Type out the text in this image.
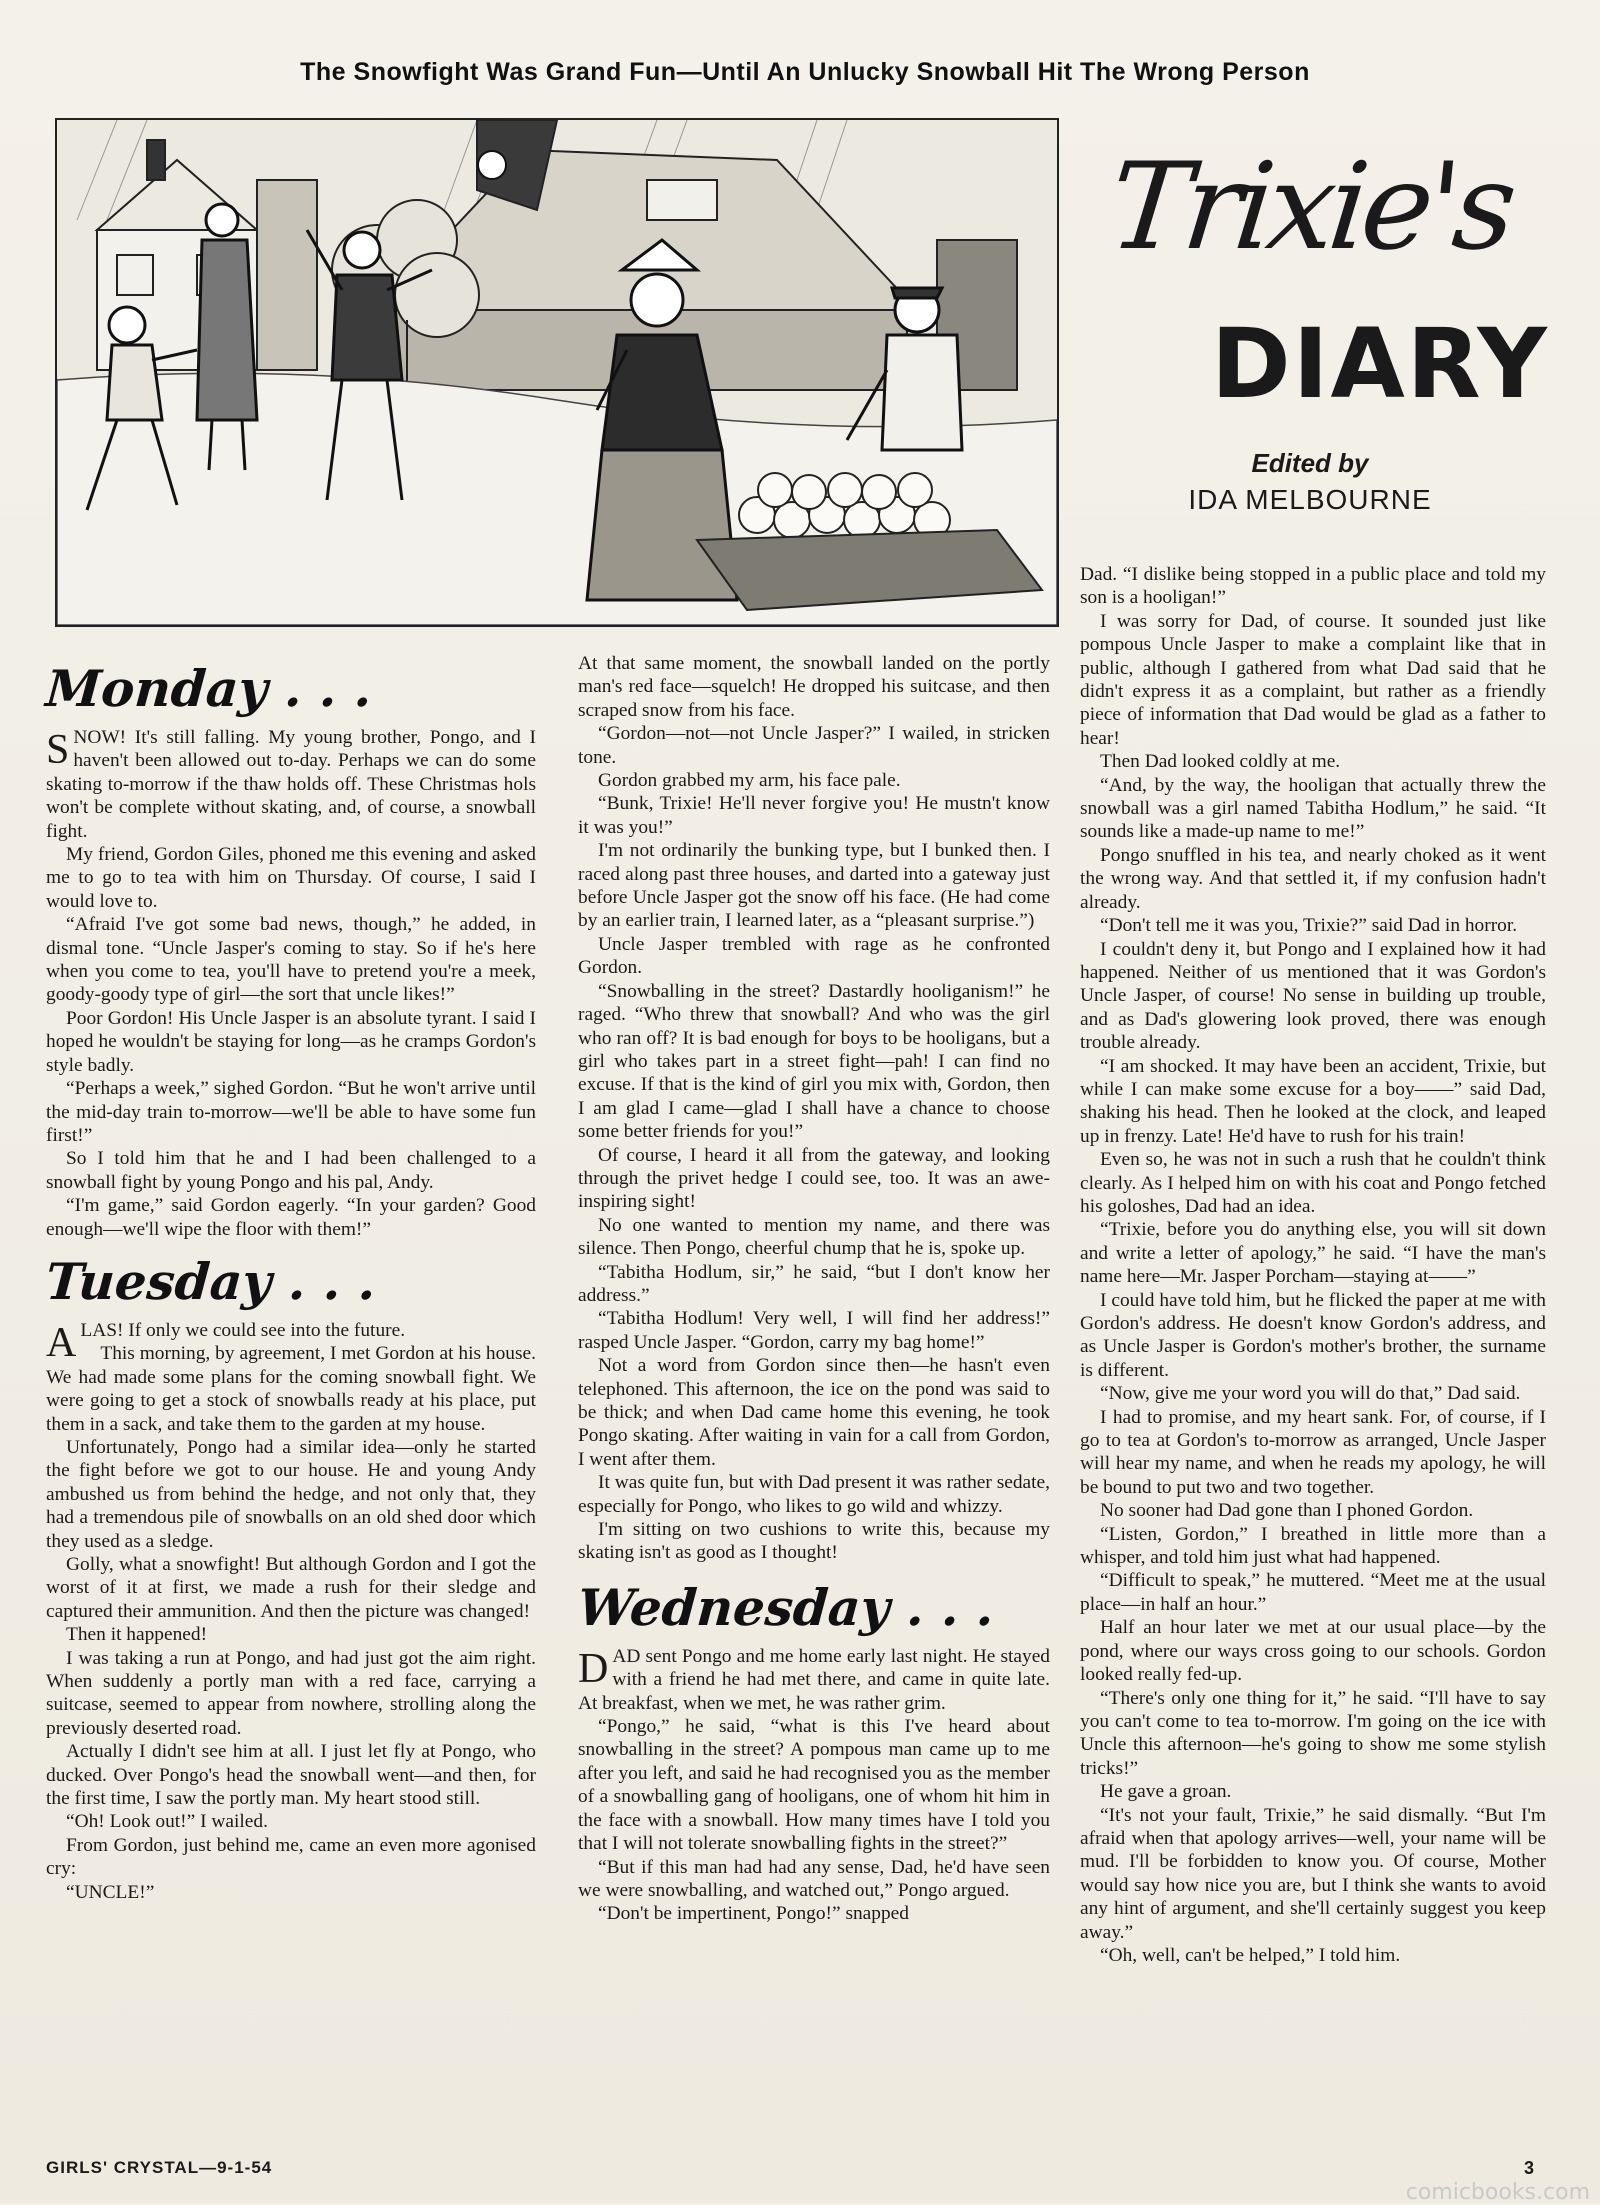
The Snowfight Was Grand Fun—Until An Unlucky Snowball Hit The Wrong Person
Trixie's
DIARY
Edited by
IDA MELBOURNE
Monday . . .

SNOW! It's still falling. My young brother, Pongo, and I haven't been allowed out to-day. Perhaps we can do some skating to-morrow if the thaw holds off. These Christmas hols won't be complete without skating, and, of course, a snowball fight.

My friend, Gordon Giles, phoned me this evening and asked me to go to tea with him on Thursday. Of course, I said I would love to.

“Afraid I've got some bad news, though,” he added, in dismal tone. “Uncle Jasper's coming to stay. So if he's here when you come to tea, you'll have to pretend you're a meek, goody-goody type of girl—the sort that uncle likes!”

Poor Gordon! His Uncle Jasper is an absolute tyrant. I said I hoped he wouldn't be staying for long—as he cramps Gordon's style badly.

“Perhaps a week,” sighed Gordon. “But he won't arrive until the mid-day train to-morrow—we'll be able to have some fun first!”

So I told him that he and I had been challenged to a snowball fight by young Pongo and his pal, Andy.

“I'm game,” said Gordon eagerly. “In your garden? Good enough—we'll wipe the floor with them!”

Tuesday . . .

ALAS! If only we could see into the future.

This morning, by agreement, I met Gordon at his house. We had made some plans for the coming snowball fight. We were going to get a stock of snowballs ready at his place, put them in a sack, and take them to the garden at my house.

Unfortunately, Pongo had a similar idea—only he started the fight before we got to our house. He and young Andy ambushed us from behind the hedge, and not only that, they had a tremendous pile of snowballs on an old shed door which they used as a sledge.

Golly, what a snowfight! But although Gordon and I got the worst of it at first, we made a rush for their sledge and captured their ammunition. And then the picture was changed!

Then it happened!

I was taking a run at Pongo, and had just got the aim right. When suddenly a portly man with a red face, carrying a suitcase, seemed to appear from nowhere, strolling along the previously deserted road.

Actually I didn't see him at all. I just let fly at Pongo, who ducked. Over Pongo's head the snowball went—and then, for the first time, I saw the portly man. My heart stood still.

“Oh! Look out!” I wailed.

From Gordon, just behind me, came an even more agonised cry:

“UNCLE!”

At that same moment, the snowball landed on the portly man's red face—squelch! He dropped his suitcase, and then scraped snow from his face.

“Gordon—not—not Uncle Jasper?” I wailed, in stricken tone.

Gordon grabbed my arm, his face pale.

“Bunk, Trixie! He'll never forgive you! He mustn't know it was you!”

I'm not ordinarily the bunking type, but I bunked then. I raced along past three houses, and darted into a gateway just before Uncle Jasper got the snow off his face. (He had come by an earlier train, I learned later, as a “pleasant surprise.”)

Uncle Jasper trembled with rage as he confronted Gordon.

“Snowballing in the street? Dastardly hooliganism!” he raged. “Who threw that snowball? And who was the girl who ran off? It is bad enough for boys to be hooligans, but a girl who takes part in a street fight—pah! I can find no excuse. If that is the kind of girl you mix with, Gordon, then I am glad I came—glad I shall have a chance to choose some better friends for you!”

Of course, I heard it all from the gateway, and looking through the privet hedge I could see, too. It was an awe-inspiring sight!

No one wanted to mention my name, and there was silence. Then Pongo, cheerful chump that he is, spoke up.

“Tabitha Hodlum, sir,” he said, “but I don't know her address.”

“Tabitha Hodlum! Very well, I will find her address!” rasped Uncle Jasper. “Gordon, carry my bag home!”

Not a word from Gordon since then—he hasn't even telephoned. This afternoon, the ice on the pond was said to be thick; and when Dad came home this evening, he took Pongo skating. After waiting in vain for a call from Gordon, I went after them.

It was quite fun, but with Dad present it was rather sedate, especially for Pongo, who likes to go wild and whizzy.

I'm sitting on two cushions to write this, because my skating isn't as good as I thought!

Wednesday . . .

DAD sent Pongo and me home early last night. He stayed with a friend he had met there, and came in quite late. At breakfast, when we met, he was rather grim.

“Pongo,” he said, “what is this I've heard about snowballing in the street? A pompous man came up to me after you left, and said he had recognised you as the member of a snowballing gang of hooligans, one of whom hit him in the face with a snowball. How many times have I told you that I will not tolerate snowballing fights in the street?”

“But if this man had had any sense, Dad, he'd have seen we were snowballing, and watched out,” Pongo argued.

“Don't be impertinent, Pongo!” snapped

Dad. “I dislike being stopped in a public place and told my son is a hooligan!”

I was sorry for Dad, of course. It sounded just like pompous Uncle Jasper to make a complaint like that in public, although I gathered from what Dad said that he didn't express it as a complaint, but rather as a friendly piece of information that Dad would be glad as a father to hear!

Then Dad looked coldly at me.

“And, by the way, the hooligan that actually threw the snowball was a girl named Tabitha Hodlum,” he said. “It sounds like a made-up name to me!”

Pongo snuffled in his tea, and nearly choked as it went the wrong way. And that settled it, if my confusion hadn't already.

“Don't tell me it was you, Trixie?” said Dad in horror.

I couldn't deny it, but Pongo and I explained how it had happened. Neither of us mentioned that it was Gordon's Uncle Jasper, of course! No sense in building up trouble, and as Dad's glowering look proved, there was enough trouble already.

“I am shocked. It may have been an accident, Trixie, but while I can make some excuse for a boy——” said Dad, shaking his head. Then he looked at the clock, and leaped up in frenzy. Late! He'd have to rush for his train!

Even so, he was not in such a rush that he couldn't think clearly. As I helped him on with his coat and Pongo fetched his goloshes, Dad had an idea.

“Trixie, before you do anything else, you will sit down and write a letter of apology,” he said. “I have the man's name here—Mr. Jasper Porcham—staying at——”

I could have told him, but he flicked the paper at me with Gordon's address. He doesn't know Gordon's address, and as Uncle Jasper is Gordon's mother's brother, the surname is different.

“Now, give me your word you will do that,” Dad said.

I had to promise, and my heart sank. For, of course, if I go to tea at Gordon's to-morrow as arranged, Uncle Jasper will hear my name, and when he reads my apology, he will be bound to put two and two together.

No sooner had Dad gone than I phoned Gordon.

“Listen, Gordon,” I breathed in little more than a whisper, and told him just what had happened.

“Difficult to speak,” he muttered. “Meet me at the usual place—in half an hour.”

Half an hour later we met at our usual place—by the pond, where our ways cross going to our schools. Gordon looked really fed-up.

“There's only one thing for it,” he said. “I'll have to say you can't come to tea to-morrow. I'm going on the ice with Uncle this afternoon—he's going to show me some stylish tricks!”

He gave a groan.

“It's not your fault, Trixie,” he said dismally. “But I'm afraid when that apology arrives—well, your name will be mud. I'll be forbidden to know you. Of course, Mother would say how nice you are, but I think she wants to avoid any hint of argument, and she'll certainly suggest you keep away.”

“Oh, well, can't be helped,” I told him.

GIRLS' CRYSTAL—9-1-54	3
comicbooks.com
